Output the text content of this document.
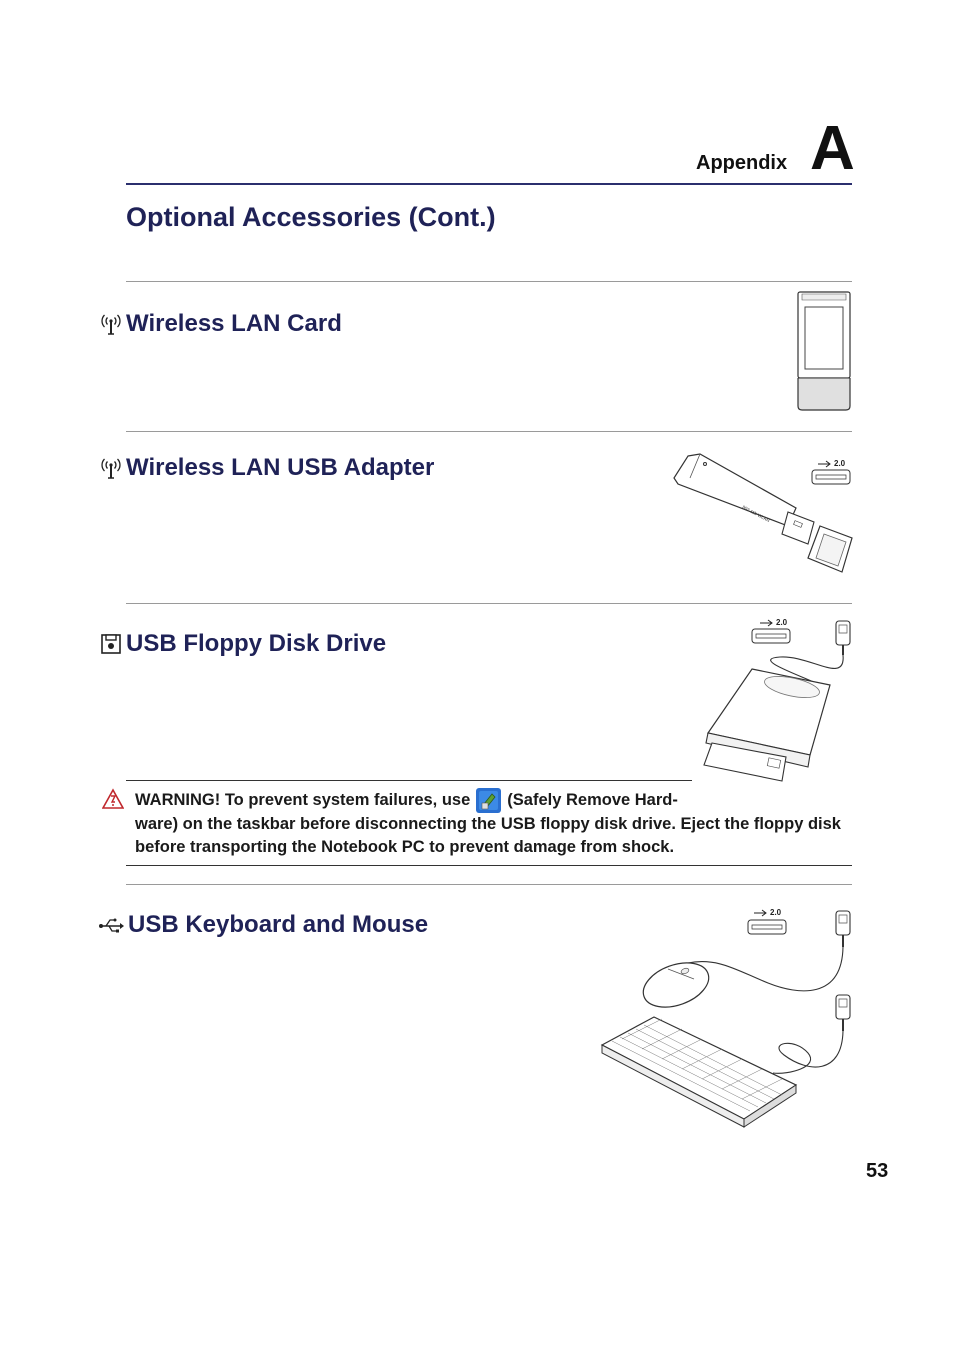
Appendix A
Optional Accessories (Cont.)
Wireless LAN Card
Wireless LAN USB Adapter	2.0
802.11b WLAN
USB Floppy Disk Drive
2.0
WARNING! To prevent system failures, use (Safely Remove Hard-
ware) on the taskbar before disconnecting the USB floppy disk drive. Eject the floppy disk before transporting the Notebook PC to prevent damage from shock.
USB Keyboard and Mouse	2.0
53
